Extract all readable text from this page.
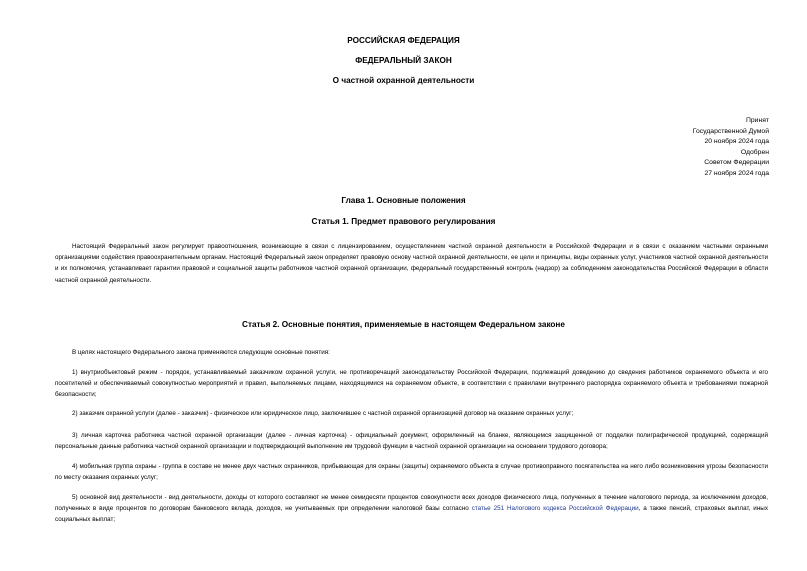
РОССИЙСКАЯ ФЕДЕРАЦИЯ
ФЕДЕРАЛЬНЫЙ ЗАКОН
О частной охранной деятельности
Принят
Государственной Думой
20 ноября 2024 года
Одобрен
Советом Федерации
27 ноября 2024 года
Глава 1. Основные положения
Статья 1. Предмет правового регулирования
Настоящий Федеральный закон регулирует правоотношения, возникающие в связи с лицензированием, осуществлением частной охранной деятельности в Российской Федерации и в связи с оказанием частными охранными организациями содействия правоохранительным органам. Настоящий Федеральный закон определяет правовую основу частной охранной деятельности, ее цели и принципы, виды охранных услуг, участников частной охранной деятельности и их полномочия, устанавливает гарантии правовой и социальной защиты работников частной охранной организации, федеральный государственный контроль (надзор) за соблюдением законодательства Российской Федерации в области частной охранной деятельности.
Статья 2. Основные понятия, применяемые в настоящем Федеральном законе
В целях настоящего Федерального закона применяются следующие основные понятия:
1) внутриобъектовый режим - порядок, устанавливаемый заказчиком охранной услуги, не противоречащий законодательству Российской Федерации, подлежащий доведению до сведения работников охраняемого объекта и его посетителей и обеспечиваемый совокупностью мероприятий и правил, выполняемых лицами, находящимися на охраняемом объекте, в соответствии с правилами внутреннего распорядка охраняемого объекта и требованиями пожарной безопасности;
2) заказчик охранной услуги (далее - заказчик) - физическое или юридическое лицо, заключившее с частной охранной организацией договор на оказание охранных услуг;
3) личная карточка работника частной охранной организации (далее - личная карточка) - официальный документ, оформленный на бланке, являющемся защищенной от подделки полиграфической продукцией, содержащий персональные данные работника частной охранной организации и подтверждающий выполнение им трудовой функции в частной охранной организации на основании трудового договора;
4) мобильная группа охраны - группа в составе не менее двух частных охранников, прибывающая для охраны (защиты) охраняемого объекта в случае противоправного посягательства на него либо возникновения угрозы безопасности по месту оказания охранных услуг;
5) основной вид деятельности - вид деятельности, доходы от которого составляют не менее семидесяти процентов совокупности всех доходов физического лица, полученных в течение налогового периода, за исключением доходов, полученных в виде процентов по договорам банковского вклада, доходов, не учитываемых при определении налоговой базы согласно статье 251 Налогового кодекса Российской Федерации, а также пенсий, страховых выплат, иных социальных выплат;
